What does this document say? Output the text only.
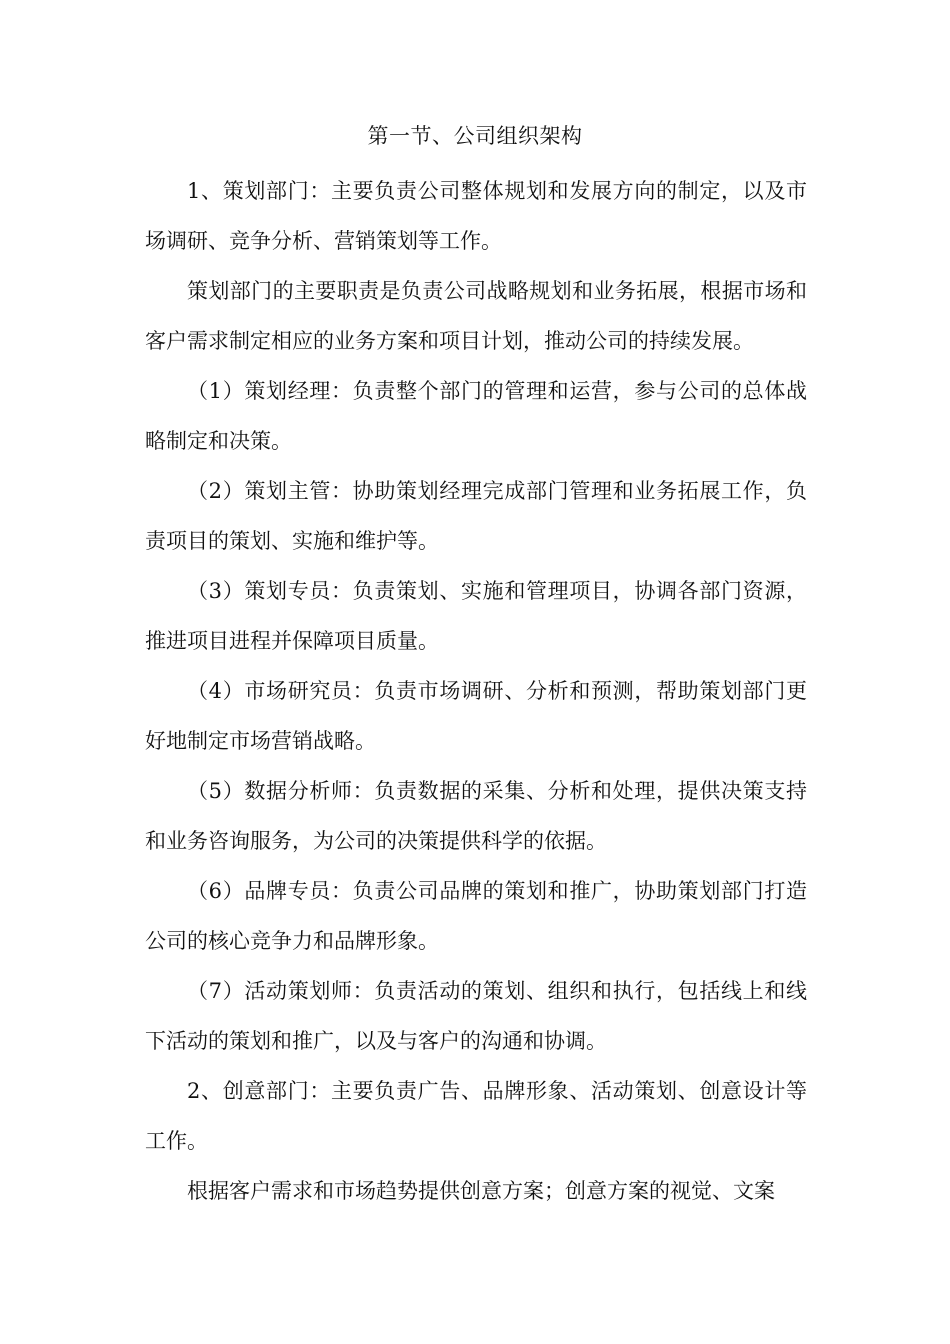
第一节、公司组织架构

1、策划部门：主要负责公司整体规划和发展方向的制定，以及市场调研、竞争分析、营销策划等工作。

策划部门的主要职责是负责公司战略规划和业务拓展，根据市场和客户需求制定相应的业务方案和项目计划，推动公司的持续发展。

（1）策划经理：负责整个部门的管理和运营，参与公司的总体战略制定和决策。

（2）策划主管：协助策划经理完成部门管理和业务拓展工作，负责项目的策划、实施和维护等。

（3）策划专员：负责策划、实施和管理项目，协调各部门资源，推进项目进程并保障项目质量。

（4）市场研究员：负责市场调研、分析和预测，帮助策划部门更好地制定市场营销战略。

（5）数据分析师：负责数据的采集、分析和处理，提供决策支持和业务咨询服务，为公司的决策提供科学的依据。

（6）品牌专员：负责公司品牌的策划和推广，协助策划部门打造公司的核心竞争力和品牌形象。

（7）活动策划师：负责活动的策划、组织和执行，包括线上和线下活动的策划和推广，以及与客户的沟通和协调。

2、创意部门：主要负责广告、品牌形象、活动策划、创意设计等工作。

根据客户需求和市场趋势提供创意方案；创意方案的视觉、文案
